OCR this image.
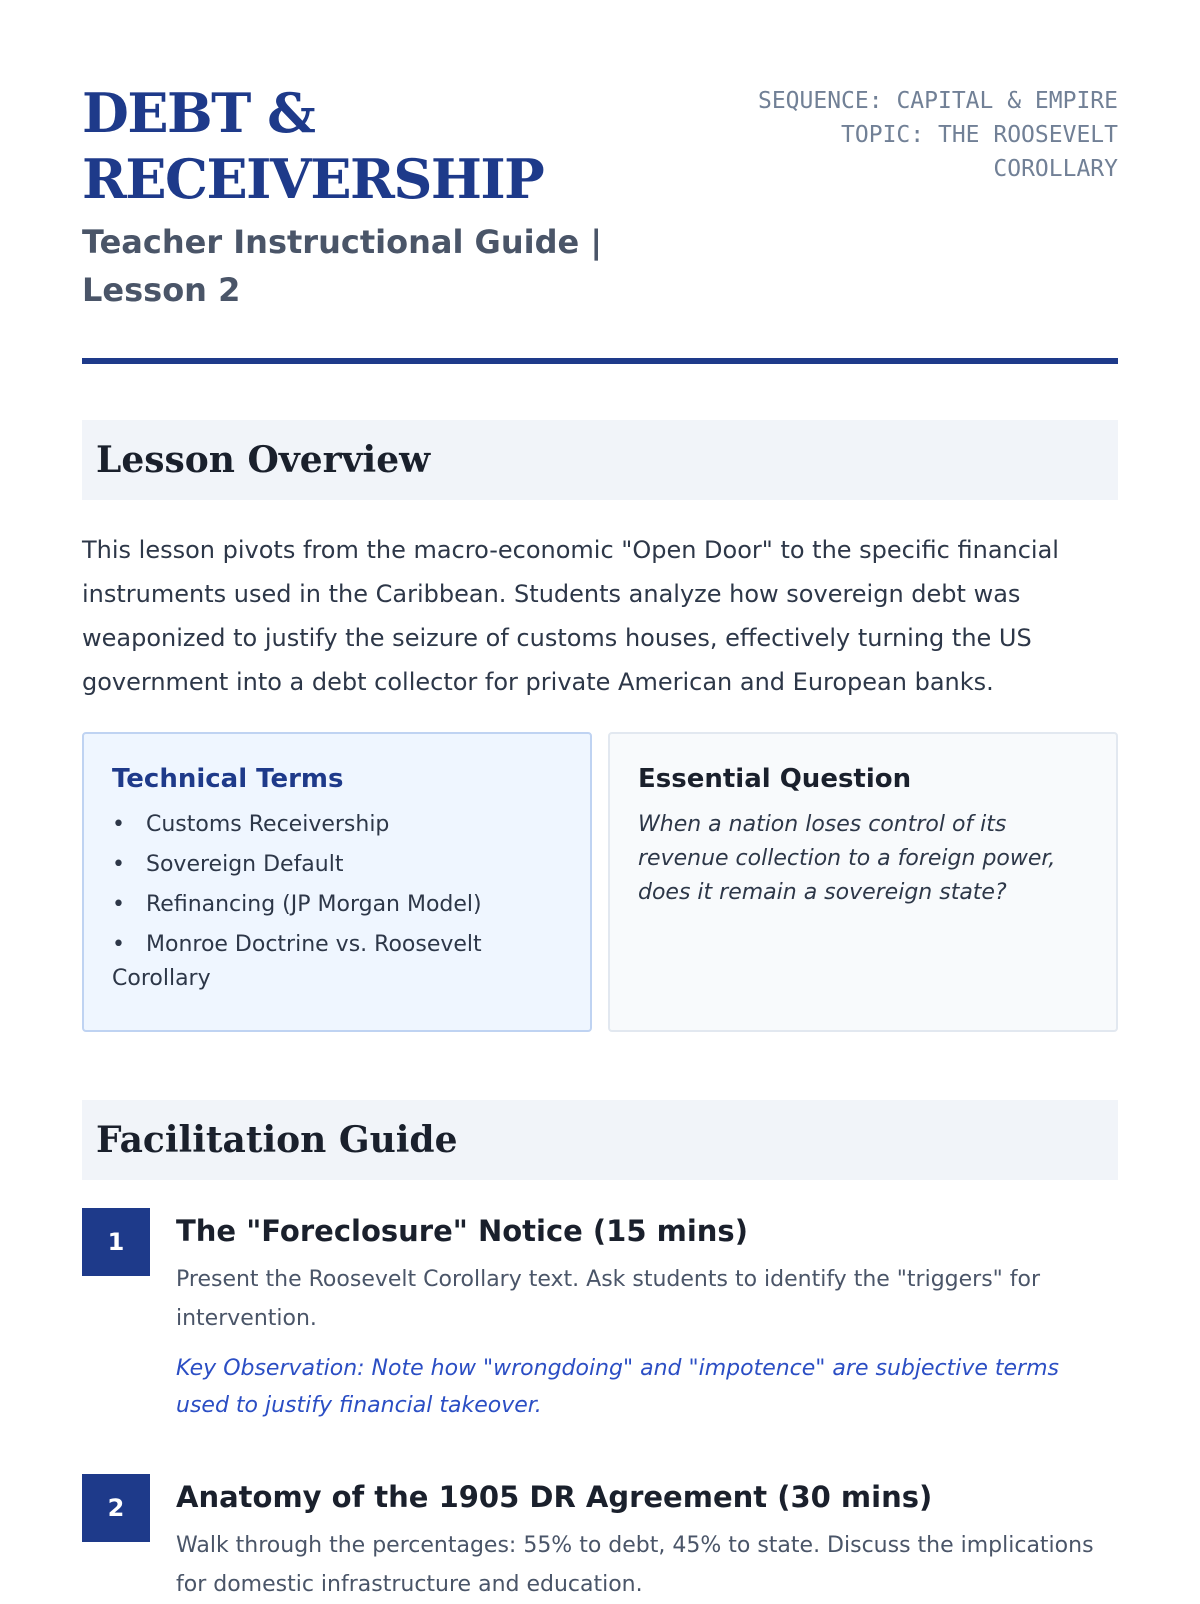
DEBT &
RECEIVERSHIP

Teacher Instructional Guide | Lesson 2

SEQUENCE: CAPITAL & EMPIRE
TOPIC: THE ROOSEVELT COROLLARY
Lesson Overview

This lesson pivots from the macro-economic "Open Door" to the specific financial instruments used in the Caribbean. Students analyze how sovereign debt was weaponized to justify the seizure of customs houses, effectively turning the US government into a debt collector for private American and European banks.

Technical Terms
• Customs Receivership
• Sovereign Default
• Refinancing (JP Morgan Model)
• Monroe Doctrine vs. Roosevelt Corollary
Essential Question

When a nation loses control of its revenue collection to a foreign power, does it remain a sovereign state?

Facilitation Guide
1	The "Foreclosure" Notice (15 mins)

Present the Roosevelt Corollary text. Ask students to identify the "triggers" for intervention.

Key Observation: Note how "wrongdoing" and "impotence" are subjective terms used to justify financial takeover.

2	Anatomy of the 1905 DR Agreement (30 mins)

Walk through the percentages: 55% to debt, 45% to state. Discuss the implications for domestic infrastructure and education.
